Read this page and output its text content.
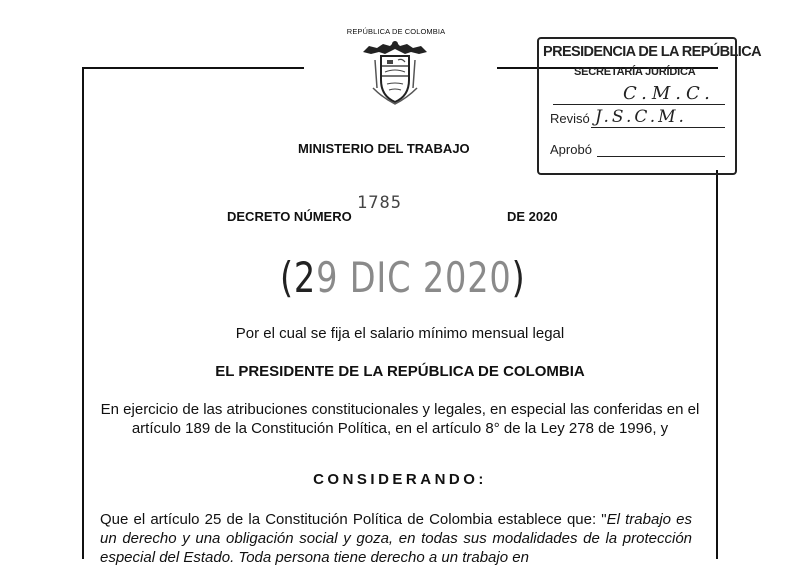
REPÚBLICA DE COLOMBIA
PRESIDENCIA DE LA REPÚBLICA
SECRETARÍA JURÍDICA
C.M.C.
Revisó J.S.C.M.
Aprobó
MINISTERIO DEL TRABAJO
DECRETO NÚMERO
1785
DE 2020
(29 DIC 2020)
Por el cual se fija el salario mínimo mensual legal
EL PRESIDENTE DE LA REPÚBLICA DE COLOMBIA
En ejercicio de las atribuciones constitucionales y legales, en especial las conferidas en el artículo 189 de la Constitución Política, en el artículo 8° de la Ley 278 de 1996, y
CONSIDERANDO:
Que el artículo 25 de la Constitución Política de Colombia establece que: "El trabajo es un derecho y una obligación social y goza, en todas sus modalidades de la protección especial del Estado. Toda persona tiene derecho a un trabajo en
